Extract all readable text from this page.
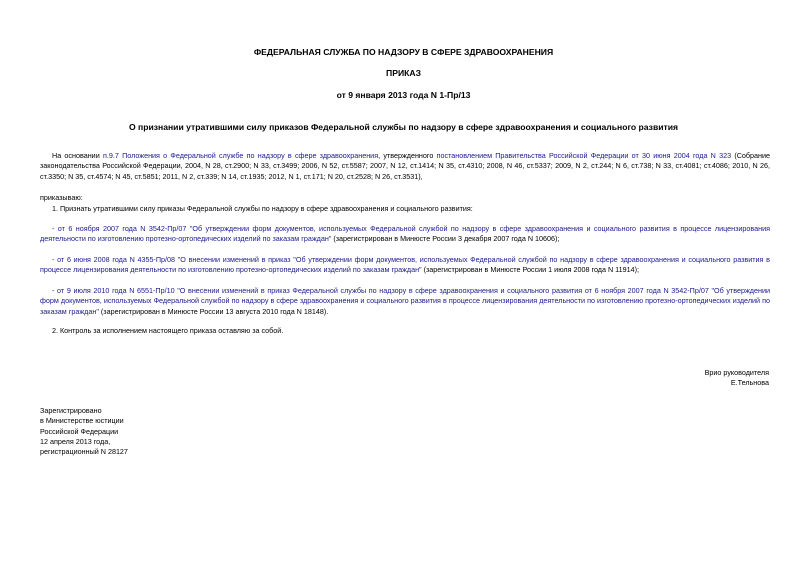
ФЕДЕРАЛЬНАЯ СЛУЖБА ПО НАДЗОРУ В СФЕРЕ ЗДРАВООХРАНЕНИЯ
ПРИКАЗ
от 9 января 2013 года N 1-Пр/13
О признании утратившими силу приказов Федеральной службы по надзору в сфере здравоохранения и социального развития
На основании п.9.7 Положения о Федеральной службе по надзору в сфере здравоохранения, утвержденного постановлением Правительства Российской Федерации от 30 июня 2004 года N 323 (Собрание законодательства Российской Федерации, 2004, N 28, ст.2900; N 33, ст.3499; 2006, N 52, ст.5587; 2007, N 12, ст.1414; N 35, ст.4310; 2008, N 46, ст.5337; 2009, N 2, ст.244; N 6, ст.738; N 33, ст.4081; ст.4086; 2010, N 26, ст.3350; N 35, ст.4574; N 45, ст.5851; 2011, N 2, ст.339; N 14, ст.1935; 2012, N 1, ст.171; N 20, ст.2528; N 26, ст.3531),
приказываю:
1. Признать утратившими силу приказы Федеральной службы по надзору в сфере здравоохранения и социального развития:
- от 6 ноября 2007 года N 3542-Пр/07 "Об утверждении форм документов, используемых Федеральной службой по надзору в сфере здравоохранения и социального развития в процессе лицензирования деятельности по изготовлению протезно-ортопедических изделий по заказам граждан" (зарегистрирован в Минюсте России 3 декабря 2007 года N 10606);
- от 6 июня 2008 года N 4355-Пр/08 "О внесении изменений в приказ "Об утверждении форм документов, используемых Федеральной службой по надзору в сфере здравоохранения и социального развития в процессе лицензирования деятельности по изготовлению протезно-ортопедических изделий по заказам граждан" (зарегистрирован в Минюсте России 1 июля 2008 года N 11914);
- от 9 июля 2010 года N 6551-Пр/10 "О внесении изменений в приказ Федеральной службы по надзору в сфере здравоохранения и социального развития от 6 ноября 2007 года N 3542-Пр/07 "Об утверждении форм документов, используемых Федеральной службой по надзору в сфере здравоохранения и социального развития в процессе лицензирования деятельности по изготовлению протезно-ортопедических изделий по заказам граждан" (зарегистрирован в Минюсте России 13 августа 2010 года N 18148).
2. Контроль за исполнением настоящего приказа оставляю за собой.
Врио руководителя
Е.Тельнова
Зарегистрировано
в Министерстве юстиции
Российской Федерации
12 апреля 2013 года,
регистрационный N 28127
